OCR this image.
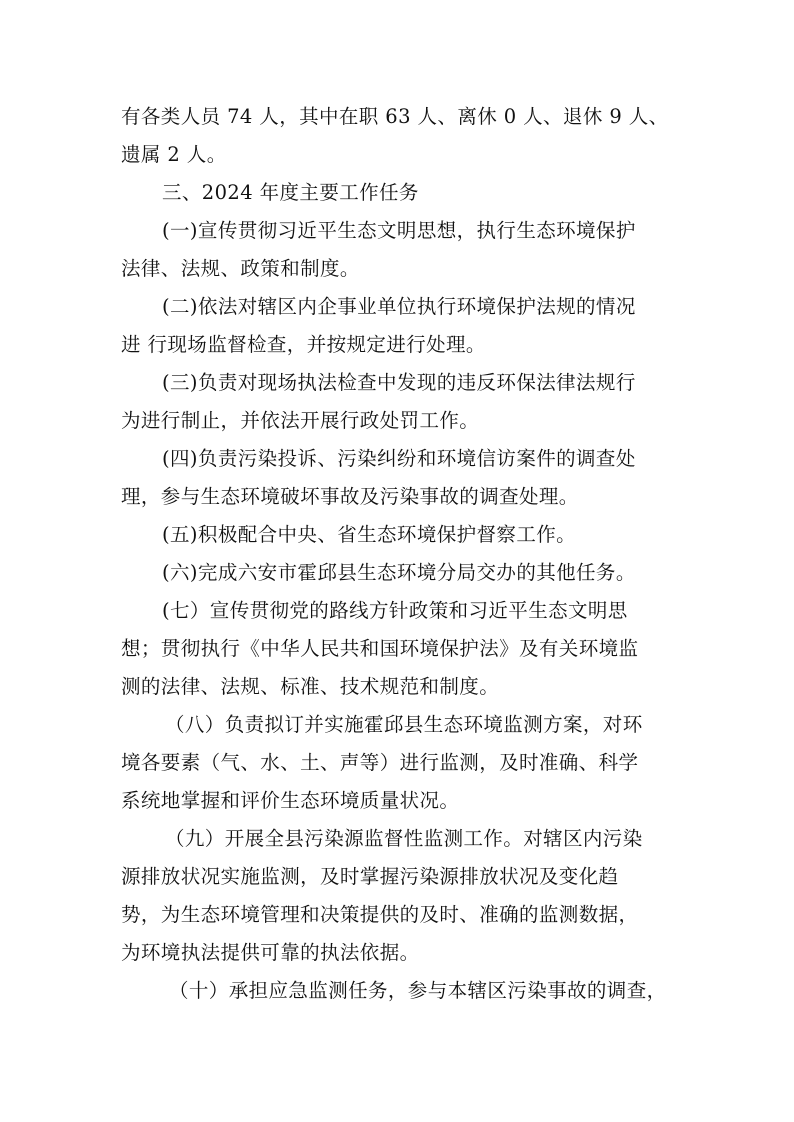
有各类人员 74 人，其中在职 63 人、离休 0 人、退休 9 人、
遗属 2 人。

三、2024 年度主要工作任务

(一)宣传贯彻习近平生态文明思想，执行生态环境保护
法律、法规、政策和制度。

(二)依法对辖区内企事业单位执行环境保护法规的情况
进 行现场监督检查，并按规定进行处理。

(三)负责对现场执法检查中发现的违反环保法律法规行
为进行制止，并依法开展行政处罚工作。

(四)负责污染投诉、污染纠纷和环境信访案件的调查处
理，参与生态环境破坏事故及污染事故的调查处理。

(五)积极配合中央、省生态环境保护督察工作。

(六)完成六安市霍邱县生态环境分局交办的其他任务。

(七）宣传贯彻党的路线方针政策和习近平生态文明思
想；贯彻执行《中华人民共和国环境保护法》及有关环境监
测的法律、法规、标准、技术规范和制度。

（八）负责拟订并实施霍邱县生态环境监测方案，对环
境各要素（气、水、土、声等）进行监测，及时准确、科学
系统地掌握和评价生态环境质量状况。

（九）开展全县污染源监督性监测工作。对辖区内污染
源排放状况实施监测，及时掌握污染源排放状况及变化趋
势，为生态环境管理和决策提供的及时、准确的监测数据，
为环境执法提供可靠的执法依据。

（十）承担应急监测任务，参与本辖区污染事故的调查，
